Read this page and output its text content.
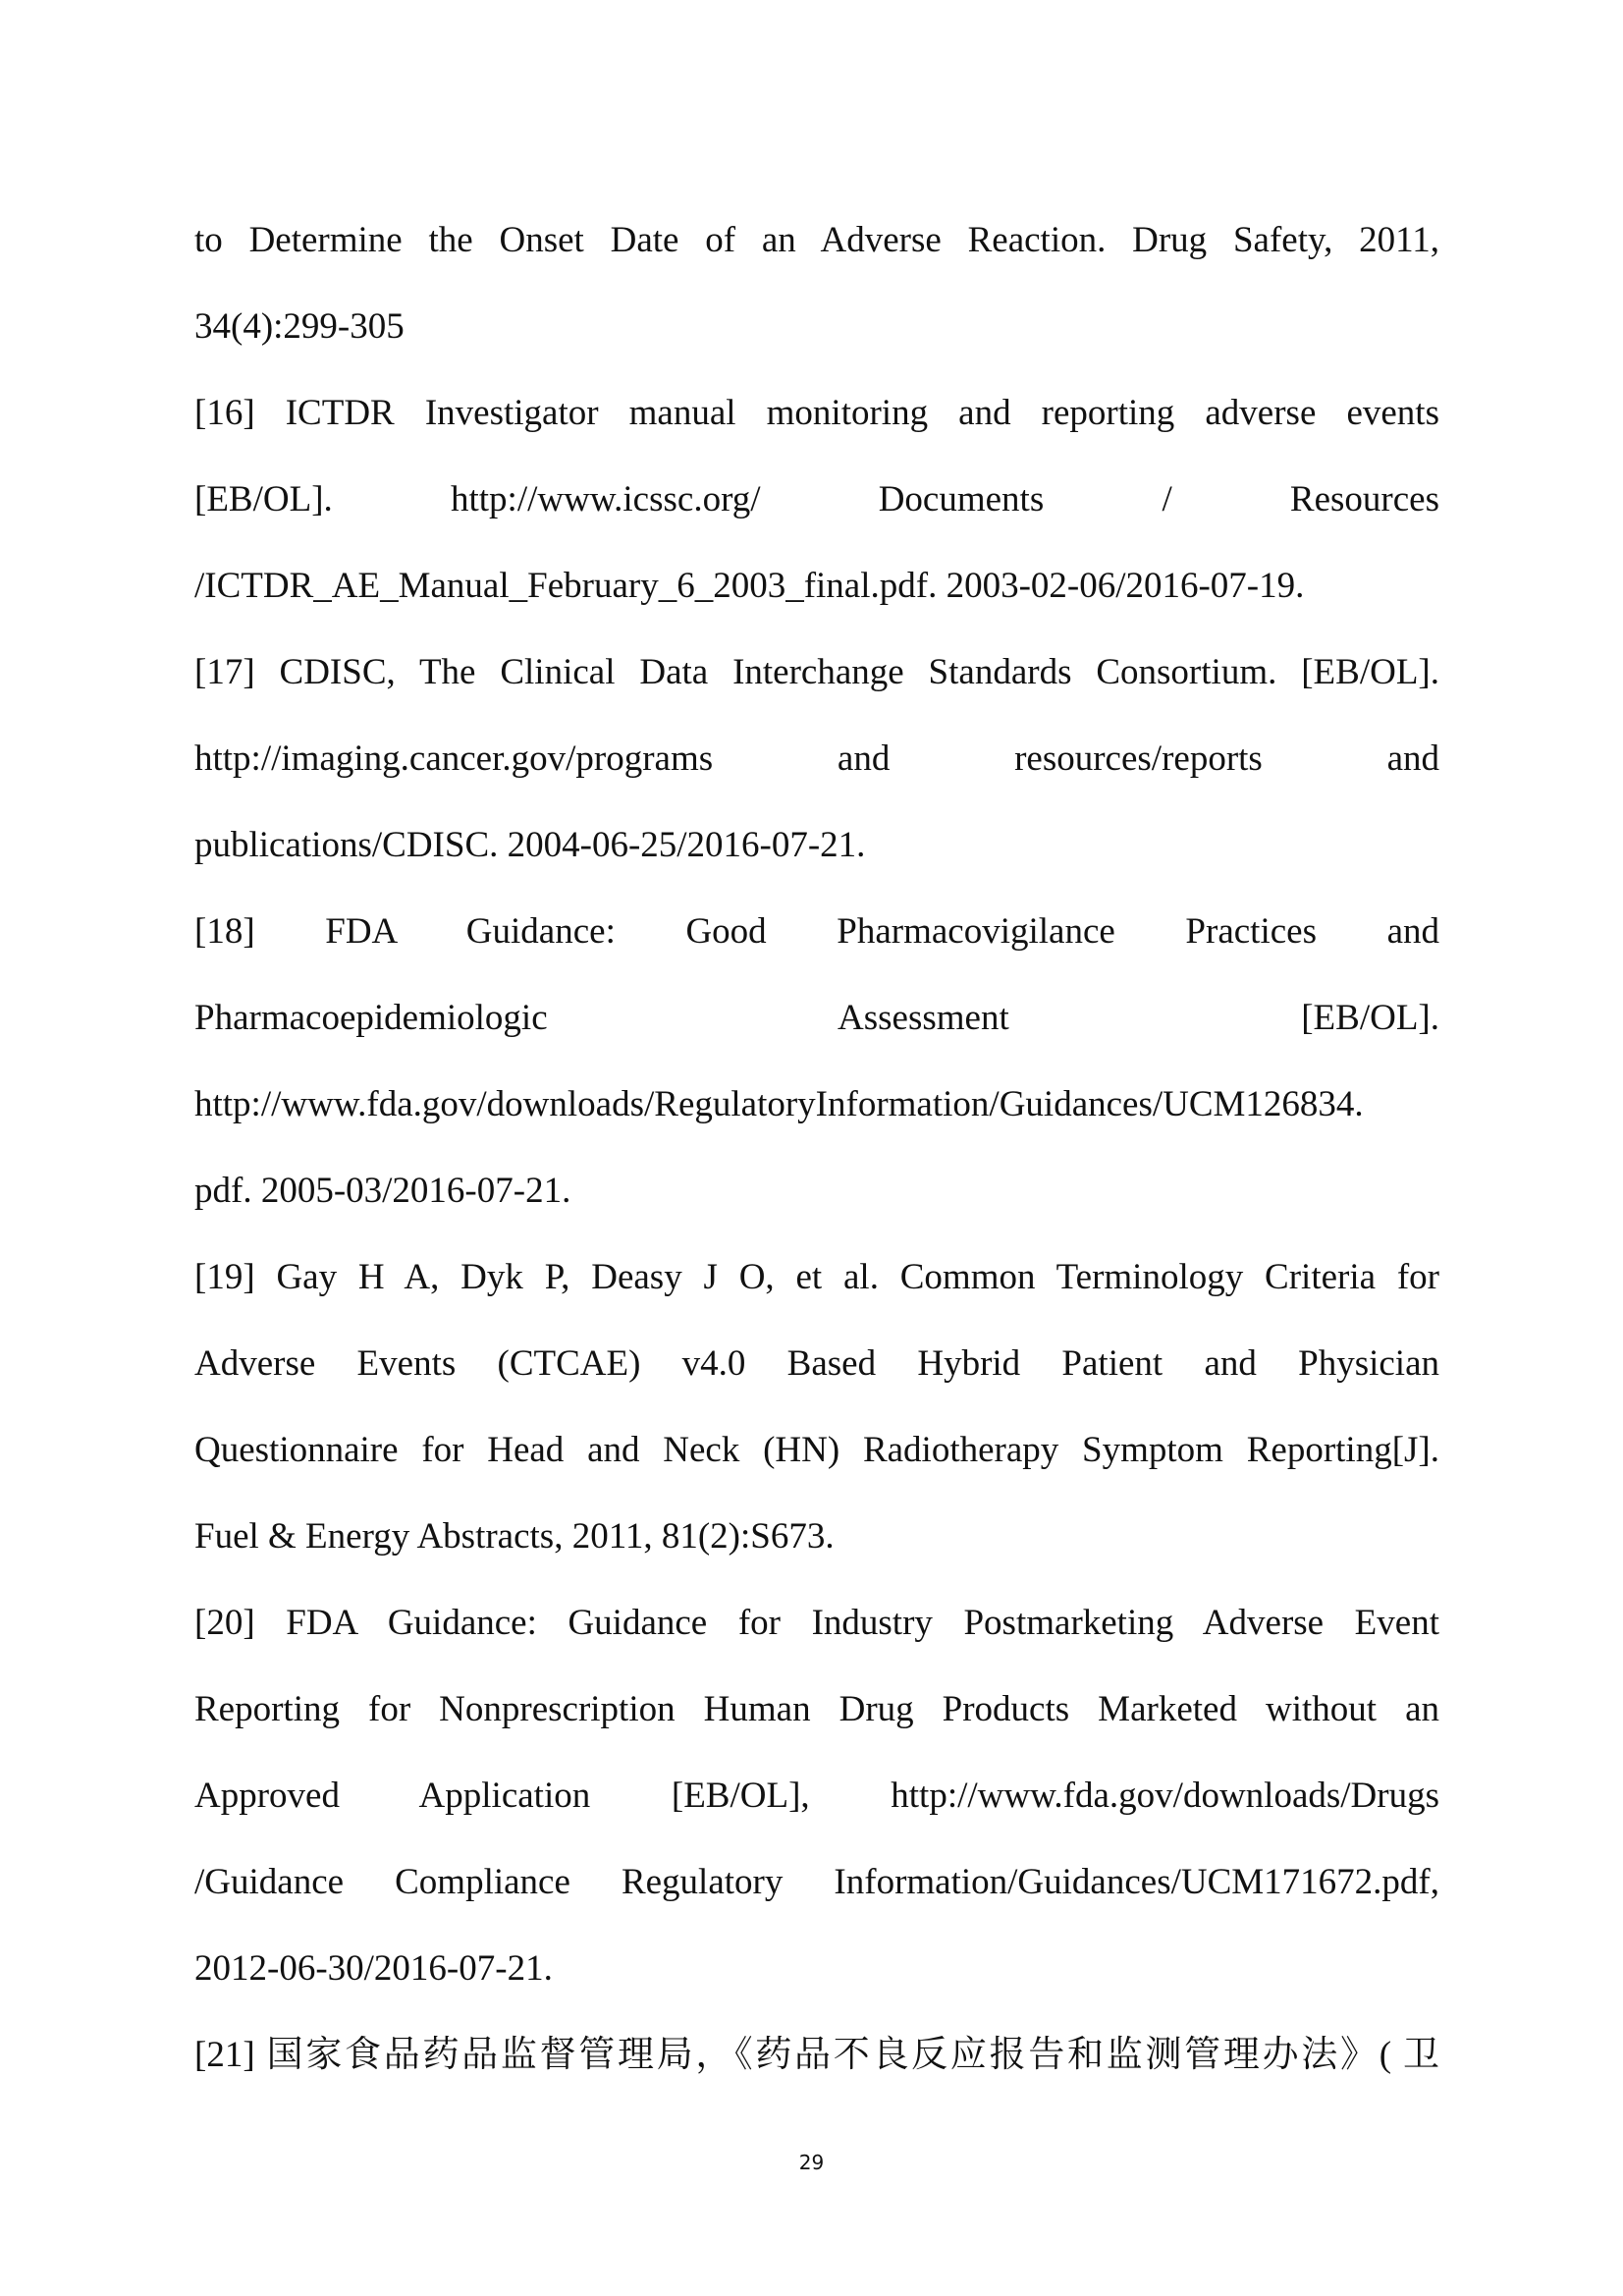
to Determine the Onset Date of an Adverse Reaction. Drug Safety, 2011,
34(4):299-305
[16] ICTDR Investigator manual monitoring and reporting adverse events
[EB/OL]. http://www.icssc.org/ Documents / Resources
/ICTDR_AE_Manual_February_6_2003_final.pdf. 2003-02-06/2016-07-19.
[17] CDISC, The Clinical Data Interchange Standards Consortium. [EB/OL].
http://imaging.cancer.gov/programs and resources/reports and
publications/CDISC. 2004-06-25/2016-07-21.
[18] FDA Guidance: Good Pharmacovigilance Practices and
Pharmacoepidemiologic Assessment [EB/OL].
http://www.fda.gov/downloads/RegulatoryInformation/Guidances/UCM126834.
pdf. 2005-03/2016-07-21.
[19] Gay H A, Dyk P, Deasy J O, et al. Common Terminology Criteria for
Adverse Events (CTCAE) v4.0 Based Hybrid Patient and Physician
Questionnaire for Head and Neck (HN) Radiotherapy Symptom Reporting[J].
Fuel & Energy Abstracts, 2011, 81(2):S673.
[20] FDA Guidance: Guidance for Industry Postmarketing Adverse Event
Reporting for Nonprescription Human Drug Products Marketed without an
Approved Application [EB/OL], http://www.fda.gov/downloads/Drugs
/Guidance Compliance Regulatory Information/Guidances/UCM171672.pdf,
2012-06-30/2016-07-21.
[21] 国家食品药品监督管理局，《药品不良反应报告和监测管理办法》( 卫
29
